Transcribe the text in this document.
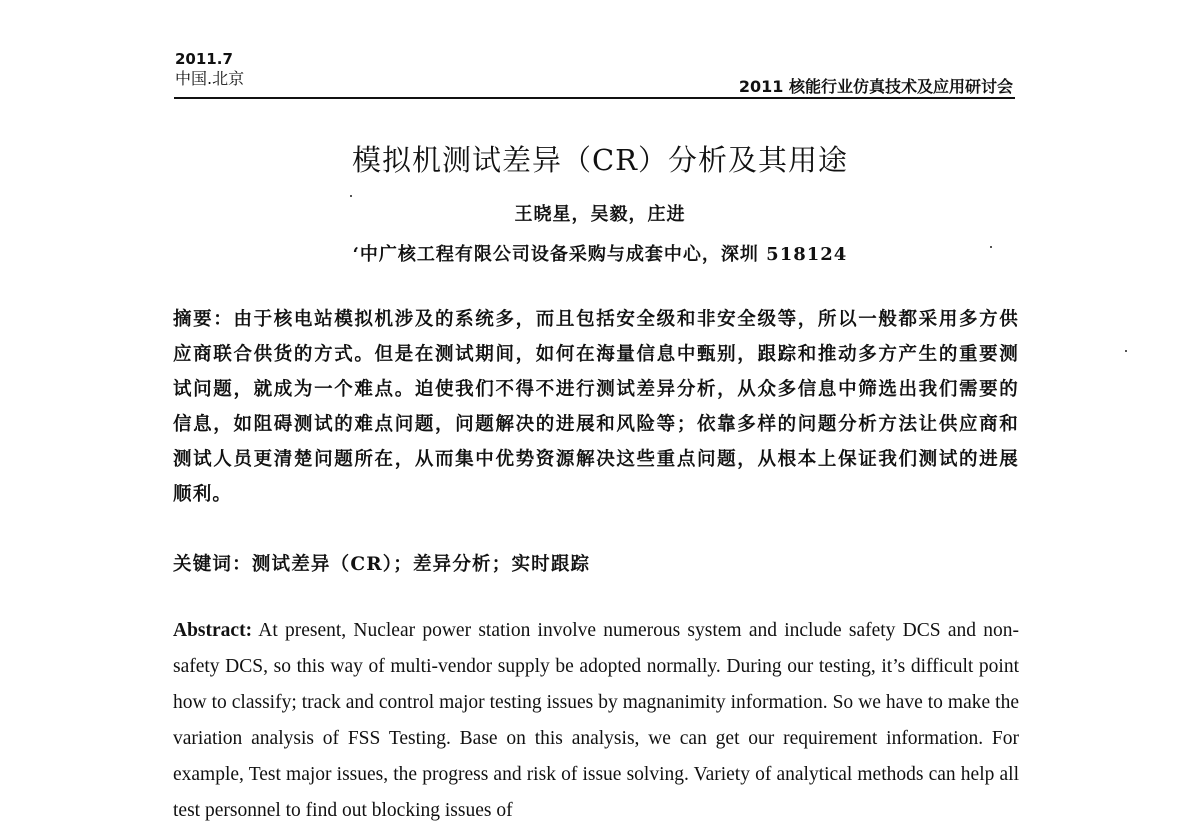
2011.7
中国.北京	2011 核能行业仿真技术及应用研讨会
模拟机测试差异（CR）分析及其用途
王晓星，吴毅，庄进
‘中广核工程有限公司设备采购与成套中心，深圳 518124
摘要：由于核电站模拟机涉及的系统多，而且包括安全级和非安全级等，所以一般都采用多方供应商联合供货的方式。但是在测试期间，如何在海量信息中甄别，跟踪和推动多方产生的重要测试问题，就成为一个难点。迫使我们不得不进行测试差异分析，从众多信息中筛选出我们需要的信息，如阻碍测试的难点问题，问题解决的进展和风险等；依靠多样的问题分析方法让供应商和测试人员更清楚问题所在，从而集中优势资源解决这些重点问题，从根本上保证我们测试的进展顺利。
关键词：测试差异（CR）；差异分析；实时跟踪
Abstract: At present, Nuclear power station involve numerous system and include safety DCS and non-safety DCS, so this way of multi-vendor supply be adopted normally. During our testing, it’s difficult point how to classify; track and control major testing issues by magnanimity information. So we have to make the variation analysis of FSS Testing. Base on this analysis, we can get our requirement information. For example, Test major issues, the progress and risk of issue solving. Variety of analytical methods can help all test personnel to find out blocking issues of
